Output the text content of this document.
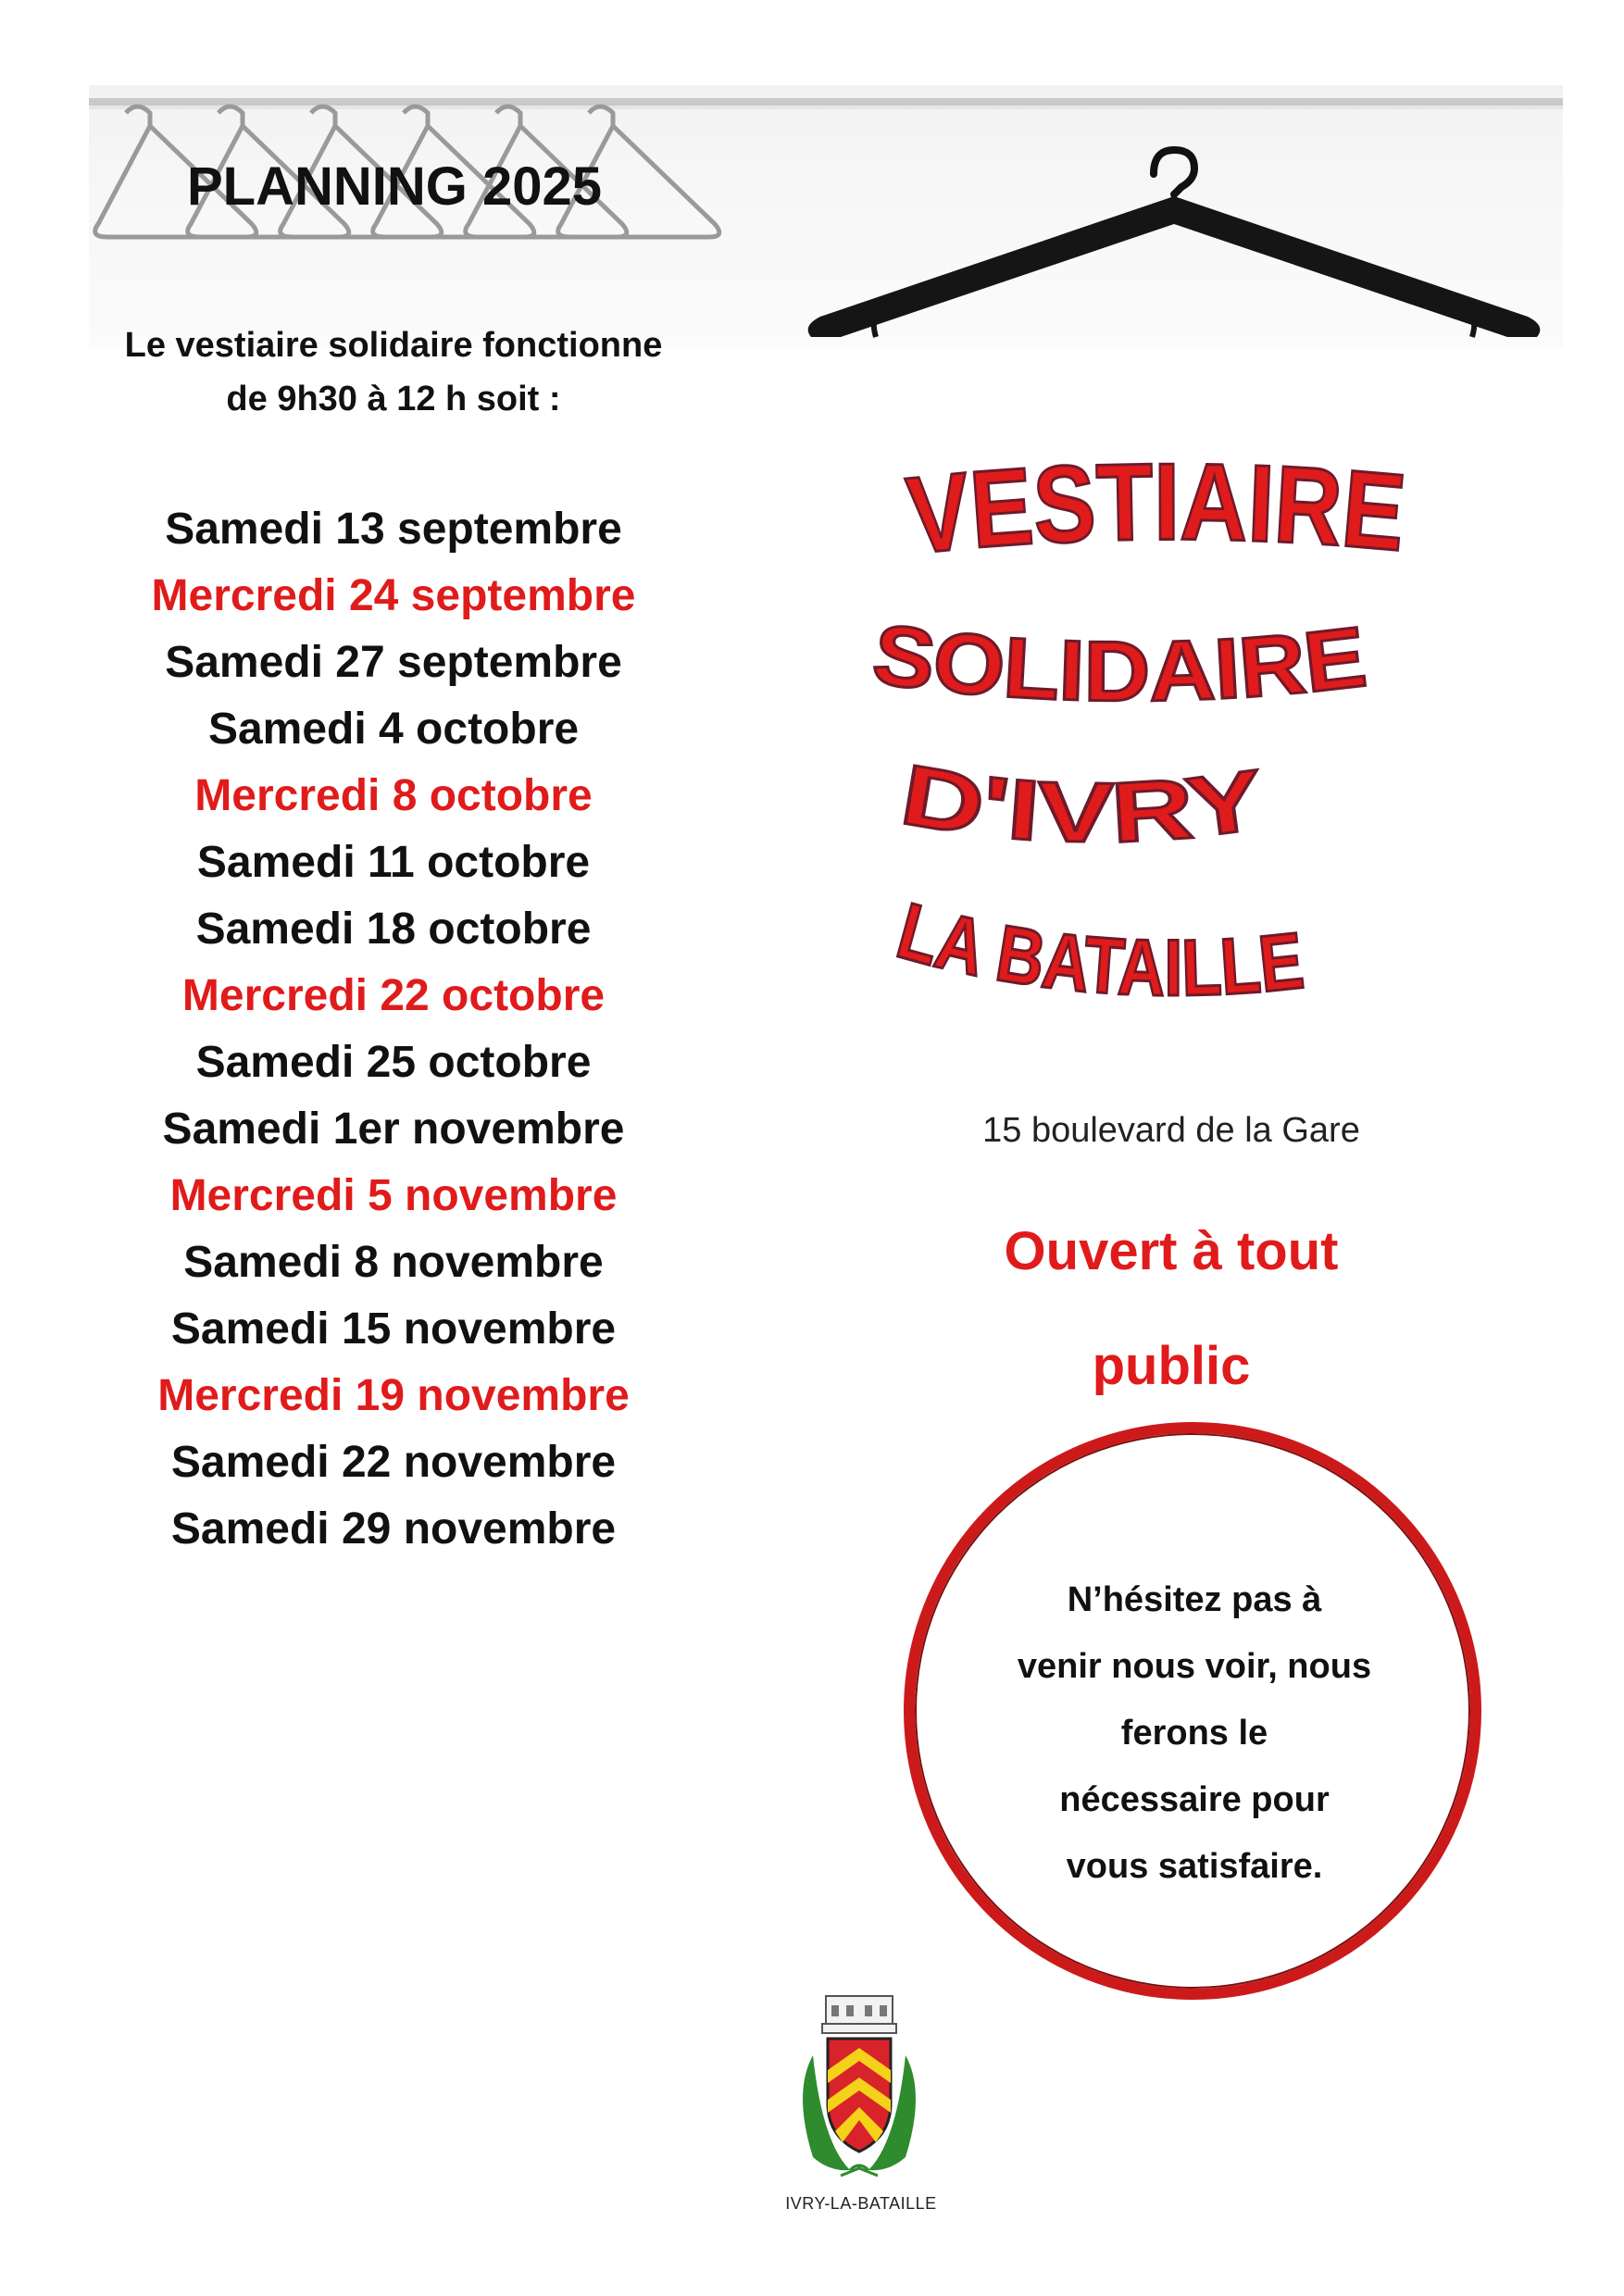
PLANNING 2025
Le vestiaire solidaire fonctionne
de 9h30 à 12 h soit :
Samedi 13 septembre
Mercredi 24 septembre
Samedi 27 septembre
Samedi 4 octobre
Mercredi 8 octobre
Samedi 11 octobre
Samedi 18 octobre
Mercredi 22 octobre
Samedi 25 octobre
Samedi 1er novembre
Mercredi 5 novembre
Samedi 8 novembre
Samedi 15 novembre
Mercredi 19 novembre
Samedi 22 novembre
Samedi 29 novembre
VESTIAIRE
SOLIDAIRE
D'IVRY
LA BATAILLE
15 boulevard de la Gare
Ouvert à tout
public
N’hésitez pas à
venir nous voir, nous
ferons le
nécessaire pour
vous satisfaire.
IVRY-LA-BATAILLE
